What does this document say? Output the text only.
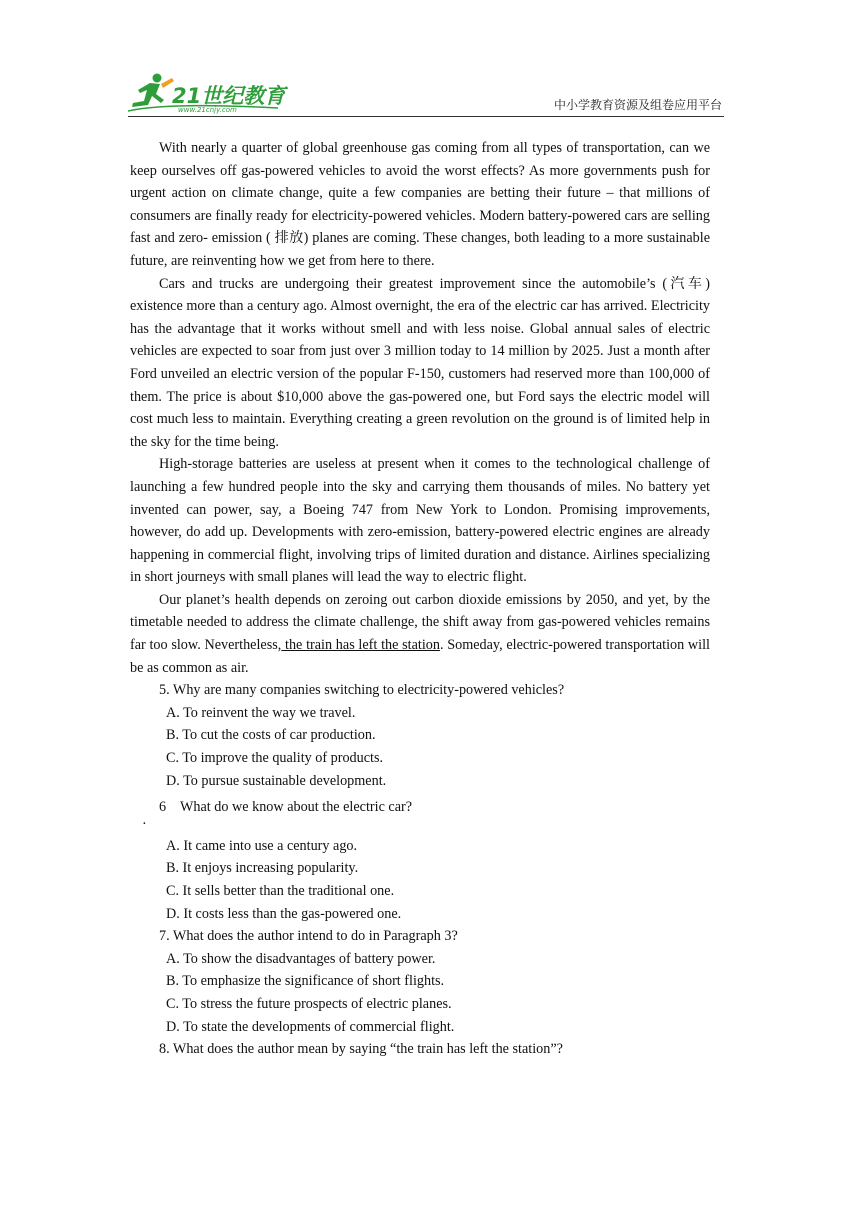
21世纪教育
www.21cnjy.com	中小学教育资源及组卷应用平台

With nearly a quarter of global greenhouse gas coming from all types of transportation, can we keep ourselves off gas-powered vehicles to avoid the worst effects? As more governments push for urgent action on climate change, quite a few companies are betting their future – that millions of consumers are finally ready for electricity-powered vehicles. Modern battery-powered cars are selling fast and zero- emission ( 排放) planes are coming. These changes, both leading to a more sustainable future, are reinventing how we get from here to there.

Cars and trucks are undergoing their greatest improvement since the automobile’s (汽车) existence more than a century ago. Almost overnight, the era of the electric car has arrived. Electricity has the advantage that it works without smell and with less noise. Global annual sales of electric vehicles are expected to soar from just over 3 million today to 14 million by 2025. Just a month after Ford unveiled an electric version of the popular F-150, customers had reserved more than 100,000 of them. The price is about $10,000 above the gas-powered one, but Ford says the electric model will cost much less to maintain. Everything creating a green revolution on the ground is of limited help in the sky for the time being.

High-storage batteries are useless at present when it comes to the technological challenge of launching a few hundred people into the sky and carrying them thousands of miles. No battery yet invented can power, say, a Boeing 747 from New York to London. Promising improvements, however, do add up. Developments with zero-emission, battery-powered electric engines are already happening in commercial flight, involving trips of limited duration and distance. Airlines specializing in short journeys with small planes will lead the way to electric flight.

Our planet’s health depends on zeroing out carbon dioxide emissions by 2050, and yet, by the timetable needed to address the climate challenge, the shift away from gas-powered vehicles remains far too slow. Nevertheless, the train has left the station. Someday, electric-powered transportation will be as common as air.

5. Why are many companies switching to electricity-powered vehicles?

A. To reinvent the way we travel.

B. To cut the costs of car production.

C. To improve the quality of products.

D. To pursue sustainable development.

6    What do we know about the electric car?

·

A. It came into use a century ago.

B. It enjoys increasing popularity.

C. It sells better than the traditional one.

D. It costs less than the gas-powered one.

7. What does the author intend to do in Paragraph 3?

A. To show the disadvantages of battery power.

B. To emphasize the significance of short flights.

C. To stress the future prospects of electric planes.

D. To state the developments of commercial flight.

8. What does the author mean by saying “the train has left the station”?
